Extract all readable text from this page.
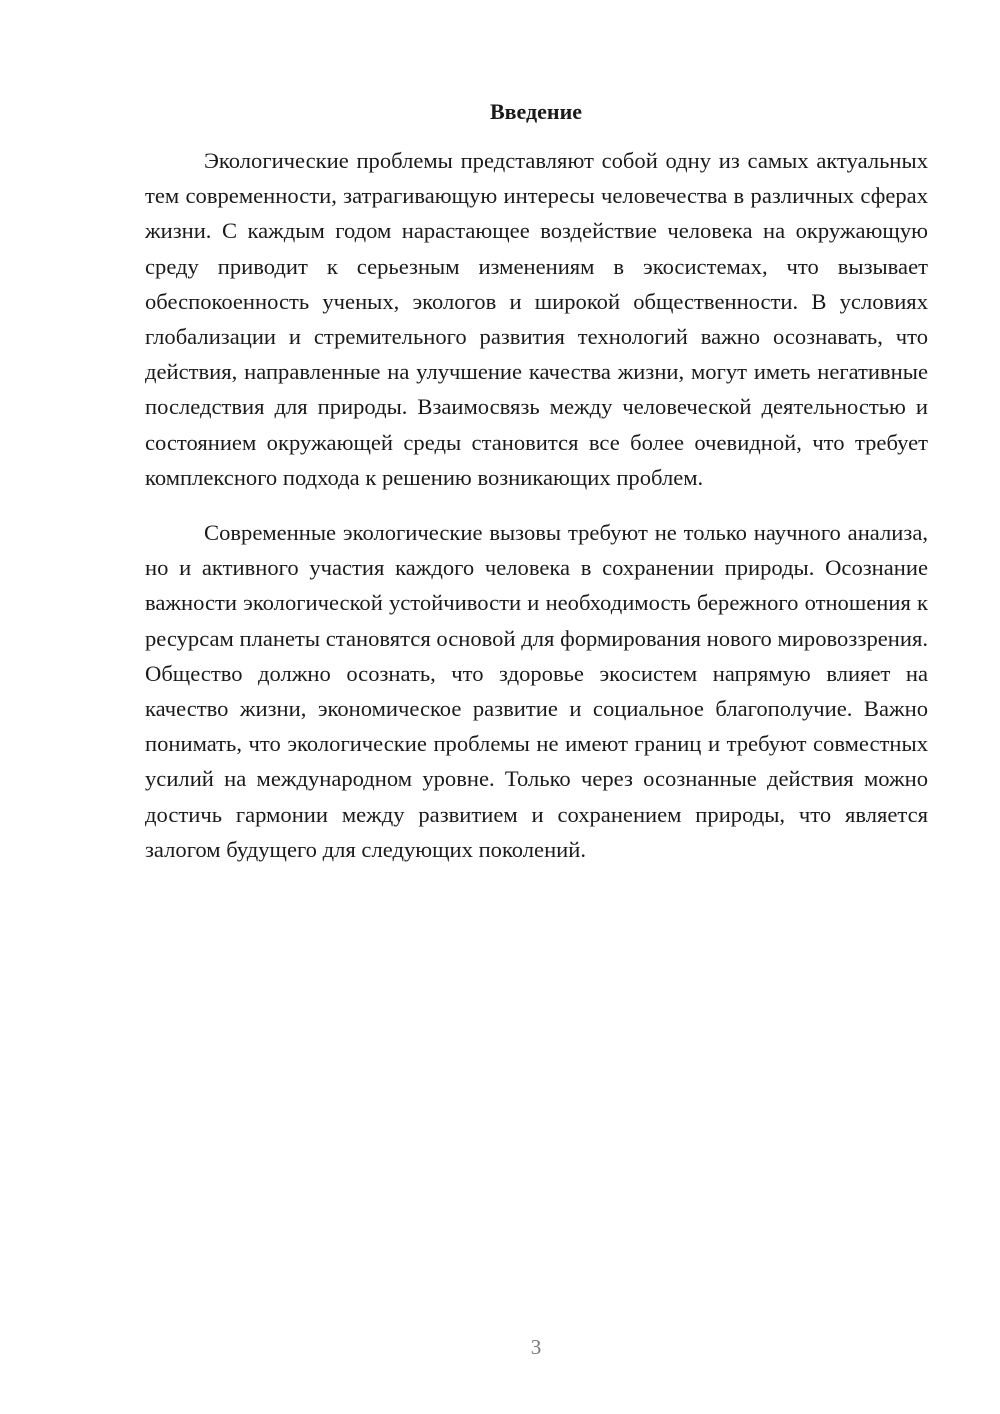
Введение

Экологические проблемы представляют собой одну из самых актуальных тем современности, затрагивающую интересы человечества в различных сферах жизни. С каждым годом нарастающее воздействие человека на окружающую среду приводит к серьезным изменениям в экосистемах, что вызывает обеспокоенность ученых, экологов и широкой общественности. В условиях глобализации и стремительного развития технологий важно осознавать, что действия, направленные на улучшение качества жизни, могут иметь негативные последствия для природы. Взаимосвязь между человеческой деятельностью и состоянием окружающей среды становится все более очевидной, что требует комплексного подхода к решению возникающих проблем.

Современные экологические вызовы требуют не только научного анализа, но и активного участия каждого человека в сохранении природы. Осознание важности экологической устойчивости и необходимость бережного отношения к ресурсам планеты становятся основой для формирования нового мировоззрения. Общество должно осознать, что здоровье экосистем напрямую влияет на качество жизни, экономическое развитие и социальное благополучие. Важно понимать, что экологические проблемы не имеют границ и требуют совместных усилий на международном уровне. Только через осознанные действия можно достичь гармонии между развитием и сохранением природы, что является залогом будущего для следующих поколений.

3
